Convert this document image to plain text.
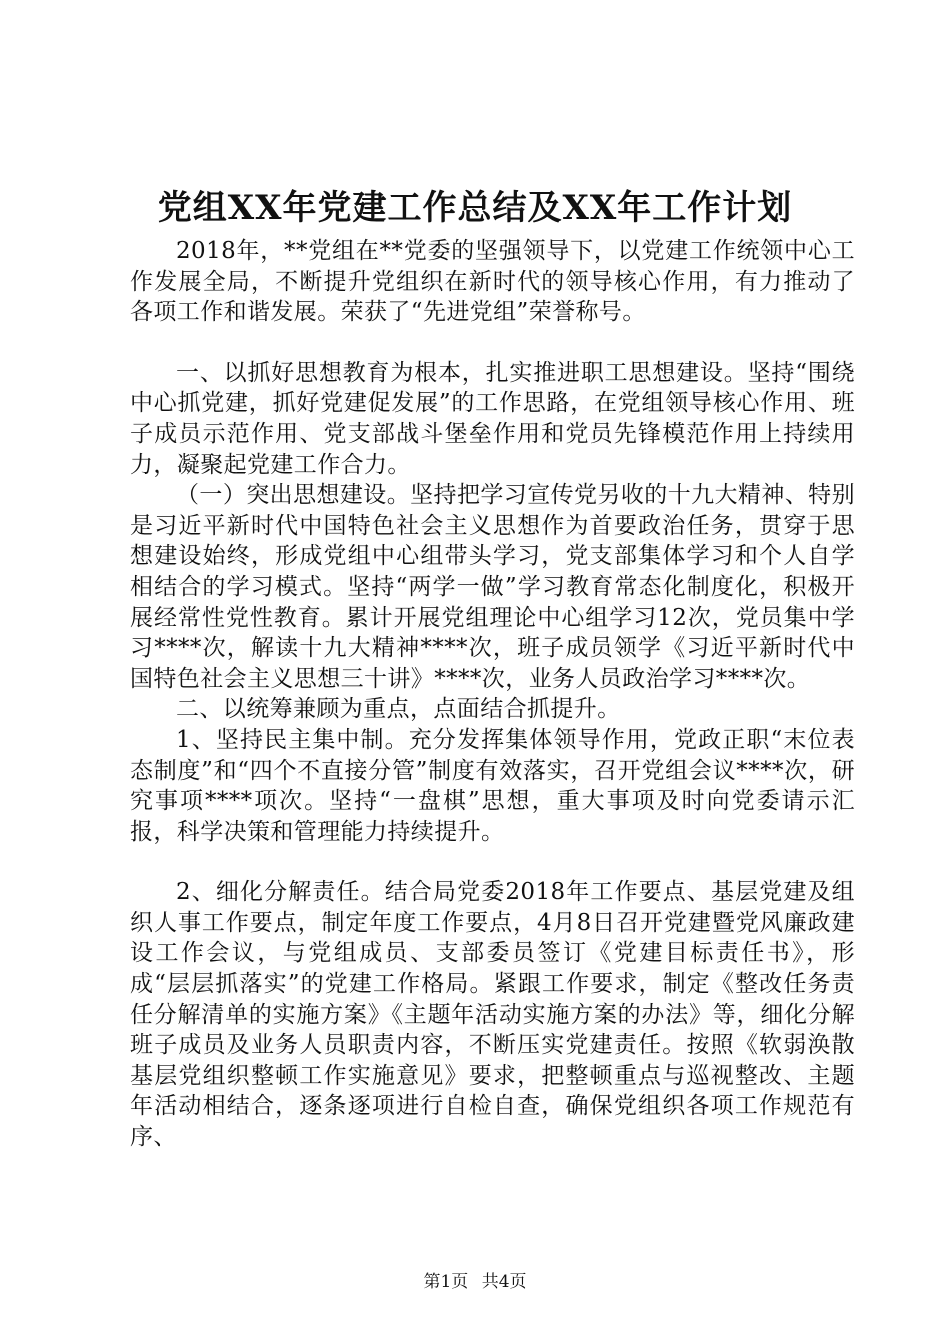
党组XX年党建工作总结及XX年工作计划

2018年，**党组在**党委的坚强领导下，以党建工作统领中心工作发展全局，不断提升党组织在新时代的领导核心作用，有力推动了各项工作和谐发展。荣获了“先进党组”荣誉称号。

一、以抓好思想教育为根本，扎实推进职工思想建设。坚持“围绕中心抓党建，抓好党建促发展”的工作思路，在党组领导核心作用、班子成员示范作用、党支部战斗堡垒作用和党员先锋模范作用上持续用力，凝聚起党建工作合力。

（一）突出思想建设。坚持把学习宣传党另收的十九大精神、特别是习近平新时代中国特色社会主义思想作为首要政治任务，贯穿于思想建设始终，形成党组中心组带头学习，党支部集体学习和个人自学相结合的学习模式。坚持“两学一做”学习教育常态化制度化，积极开展经常性党性教育。累计开展党组理论中心组学习12次，党员集中学习****次，解读十九大精神****次，班子成员领学《习近平新时代中国特色社会主义思想三十讲》****次，业务人员政治学习****次。

二、以统筹兼顾为重点，点面结合抓提升。

1、坚持民主集中制。充分发挥集体领导作用，党政正职“末位表态制度”和“四个不直接分管”制度有效落实，召开党组会议****次，研究事项****项次。坚持“一盘棋”思想，重大事项及时向党委请示汇报，科学决策和管理能力持续提升。

2、细化分解责任。结合局党委2018年工作要点、基层党建及组织人事工作要点，制定年度工作要点，4月8日召开党建暨党风廉政建设工作会议，与党组成员、支部委员签订《党建目标责任书》，形成“层层抓落实”的党建工作格局。紧跟工作要求，制定《整改任务责任分解清单的实施方案》《主题年活动实施方案的办法》等，细化分解班子成员及业务人员职责内容，不断压实党建责任。按照《软弱涣散基层党组织整顿工作实施意见》要求，把整顿重点与巡视整改、主题年活动相结合，逐条逐项进行自检自查，确保党组织各项工作规范有序、

第1页 共4页
